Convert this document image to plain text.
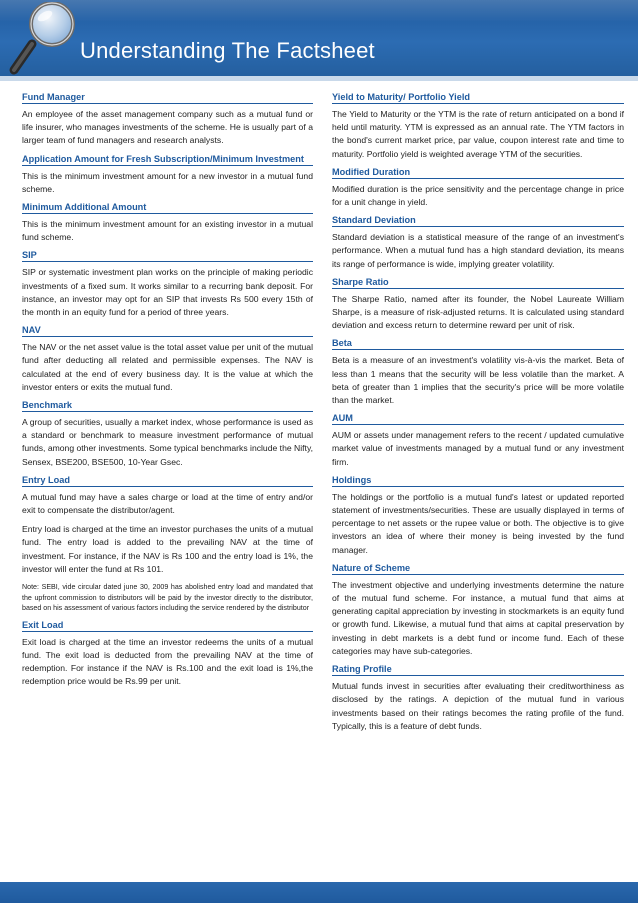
Understanding The Factsheet
Fund Manager

An employee of the asset management company such as a mutual fund or life insurer, who manages investments of the scheme. He is usually part of a larger team of fund managers and research analysts.

Application Amount for Fresh Subscription/Minimum Investment

This is the minimum investment amount for a new investor in a mutual fund scheme.

Minimum Additional Amount

This is the minimum investment amount for an existing investor in a mutual fund scheme.

SIP

SIP or systematic investment plan works on the principle of making periodic investments of a fixed sum. It works similar to a recurring bank deposit. For instance, an investor may opt for an SIP that invests Rs 500 every 15th of the month in an equity fund for a period of three years.

NAV

The NAV or the net asset value is the total asset value per unit of the mutual fund after deducting all related and permissible expenses. The NAV is calculated at the end of every business day. It is the value at which the investor enters or exits the mutual fund.

Benchmark

A group of securities, usually a market index, whose performance is used as a standard or benchmark to measure investment performance of mutual funds, among other investments. Some typical benchmarks include the Nifty, Sensex, BSE200, BSE500, 10-Year Gsec.

Entry Load

A mutual fund may have a sales charge or load at the time of entry and/or exit to compensate the distributor/agent.

Entry load is charged at the time an investor purchases the units of a mutual fund. The entry load is added to the prevailing NAV at the time of investment. For instance, if the NAV is Rs 100 and the entry load is 1%, the investor will enter the fund at Rs 101.

Note: SEBI, vide circular dated june 30, 2009 has abolished entry load and mandated that the upfront commission to distributors will be paid by the investor directly to the distributor, based on his assessment of various factors including the service rendered by the distributor

Exit Load

Exit load is charged at the time an investor redeems the units of a mutual fund. The exit load is deducted from the prevailing NAV at the time of redemption. For instance if the NAV is Rs.100 and the exit load is 1%,the redemption price would be Rs.99 per unit.

Yield to Maturity/ Portfolio Yield

The Yield to Maturity or the YTM is the rate of return anticipated on a bond if held until maturity. YTM is expressed as an annual rate. The YTM factors in the bond's current market price, par value, coupon interest rate and time to maturity. Portfolio yield is weighted average YTM of the securities.

Modified Duration

Modified duration is the price sensitivity and the percentage change in price for a unit change in yield.

Standard Deviation

Standard deviation is a statistical measure of the range of an investment's performance. When a mutual fund has a high standard deviation, its means its range of performance is wide, implying greater volatility.

Sharpe Ratio

The Sharpe Ratio, named after its founder, the Nobel Laureate William Sharpe, is a measure of risk-adjusted returns. It is calculated using standard deviation and excess return to determine reward per unit of risk.

Beta

Beta is a measure of an investment's volatility vis-à-vis the market. Beta of less than 1 means that the security will be less volatile than the market. A beta of greater than 1 implies that the security's price will be more volatile than the market.

AUM

AUM or assets under management refers to the recent / updated cumulative market value of investments managed by a mutual fund or any investment firm.

Holdings

The holdings or the portfolio is a mutual fund's latest or updated reported statement of investments/securities. These are usually displayed in terms of percentage to net assets or the rupee value or both. The objective is to give investors an idea of where their money is being invested by the fund manager.

Nature of Scheme

The investment objective and underlying investments determine the nature of the mutual fund scheme. For instance, a mutual fund that aims at generating capital appreciation by investing in stockmarkets is an equity fund or growth fund. Likewise, a mutual fund that aims at capital preservation by investing in debt markets is a debt fund or income fund. Each of these categories may have sub-categories.

Rating Profile

Mutual funds invest in securities after evaluating their creditworthiness as disclosed by the ratings. A depiction of the mutual fund in various investments based on their ratings becomes the rating profile of the fund. Typically, this is a feature of debt funds.
